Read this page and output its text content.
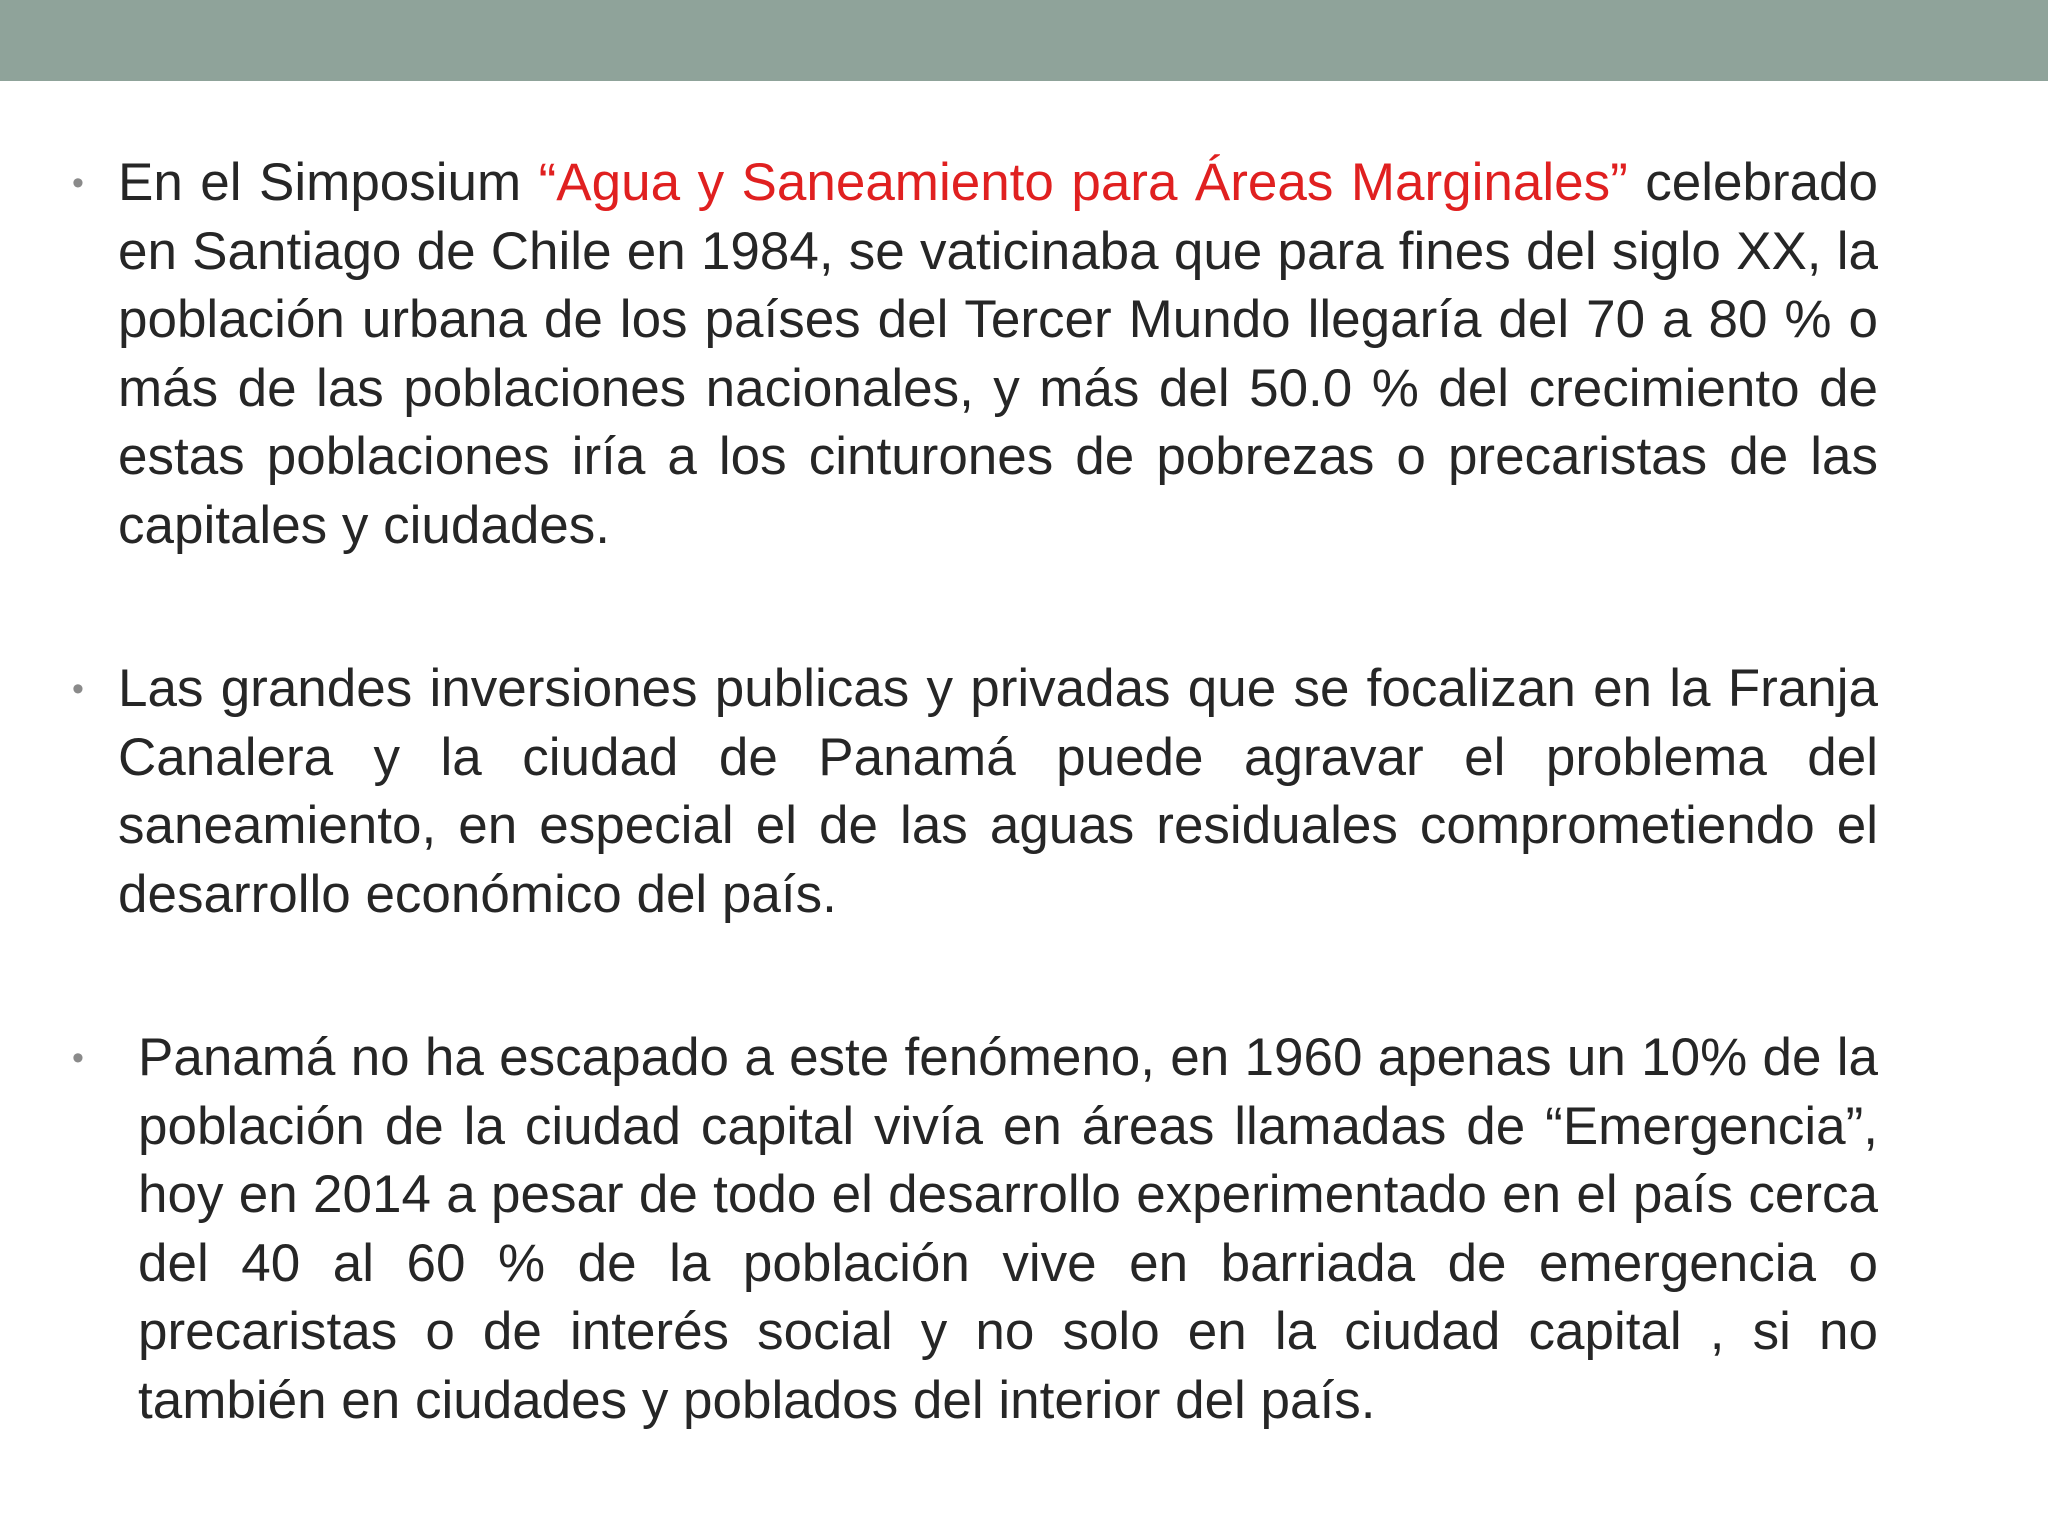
• En el Simposium “Agua y Saneamiento para Áreas Marginales” celebrado en Santiago de Chile en 1984, se vaticinaba que para fines del siglo XX, la población urbana de los países del Tercer Mundo llegaría del 70 a 80 % o más de las poblaciones nacionales, y más del 50.0 % del crecimiento de estas poblaciones iría a los cinturones de pobrezas o precaristas de las capitales y ciudades.

• Las grandes inversiones publicas y privadas que se focalizan en la Franja Canalera y la ciudad de Panamá puede agravar el problema del saneamiento, en especial el de las aguas residuales comprometiendo el desarrollo económico del país.

• Panamá no ha escapado a este fenómeno, en 1960 apenas un 10% de la población de la ciudad capital vivía en áreas llamadas de “Emergencia”, hoy en 2014 a pesar de todo el desarrollo experimentado en el país cerca del 40 al 60 % de la población vive en barriada de emergencia o precaristas o de interés social y no solo en la ciudad capital , si no también en ciudades y poblados del interior del país.
